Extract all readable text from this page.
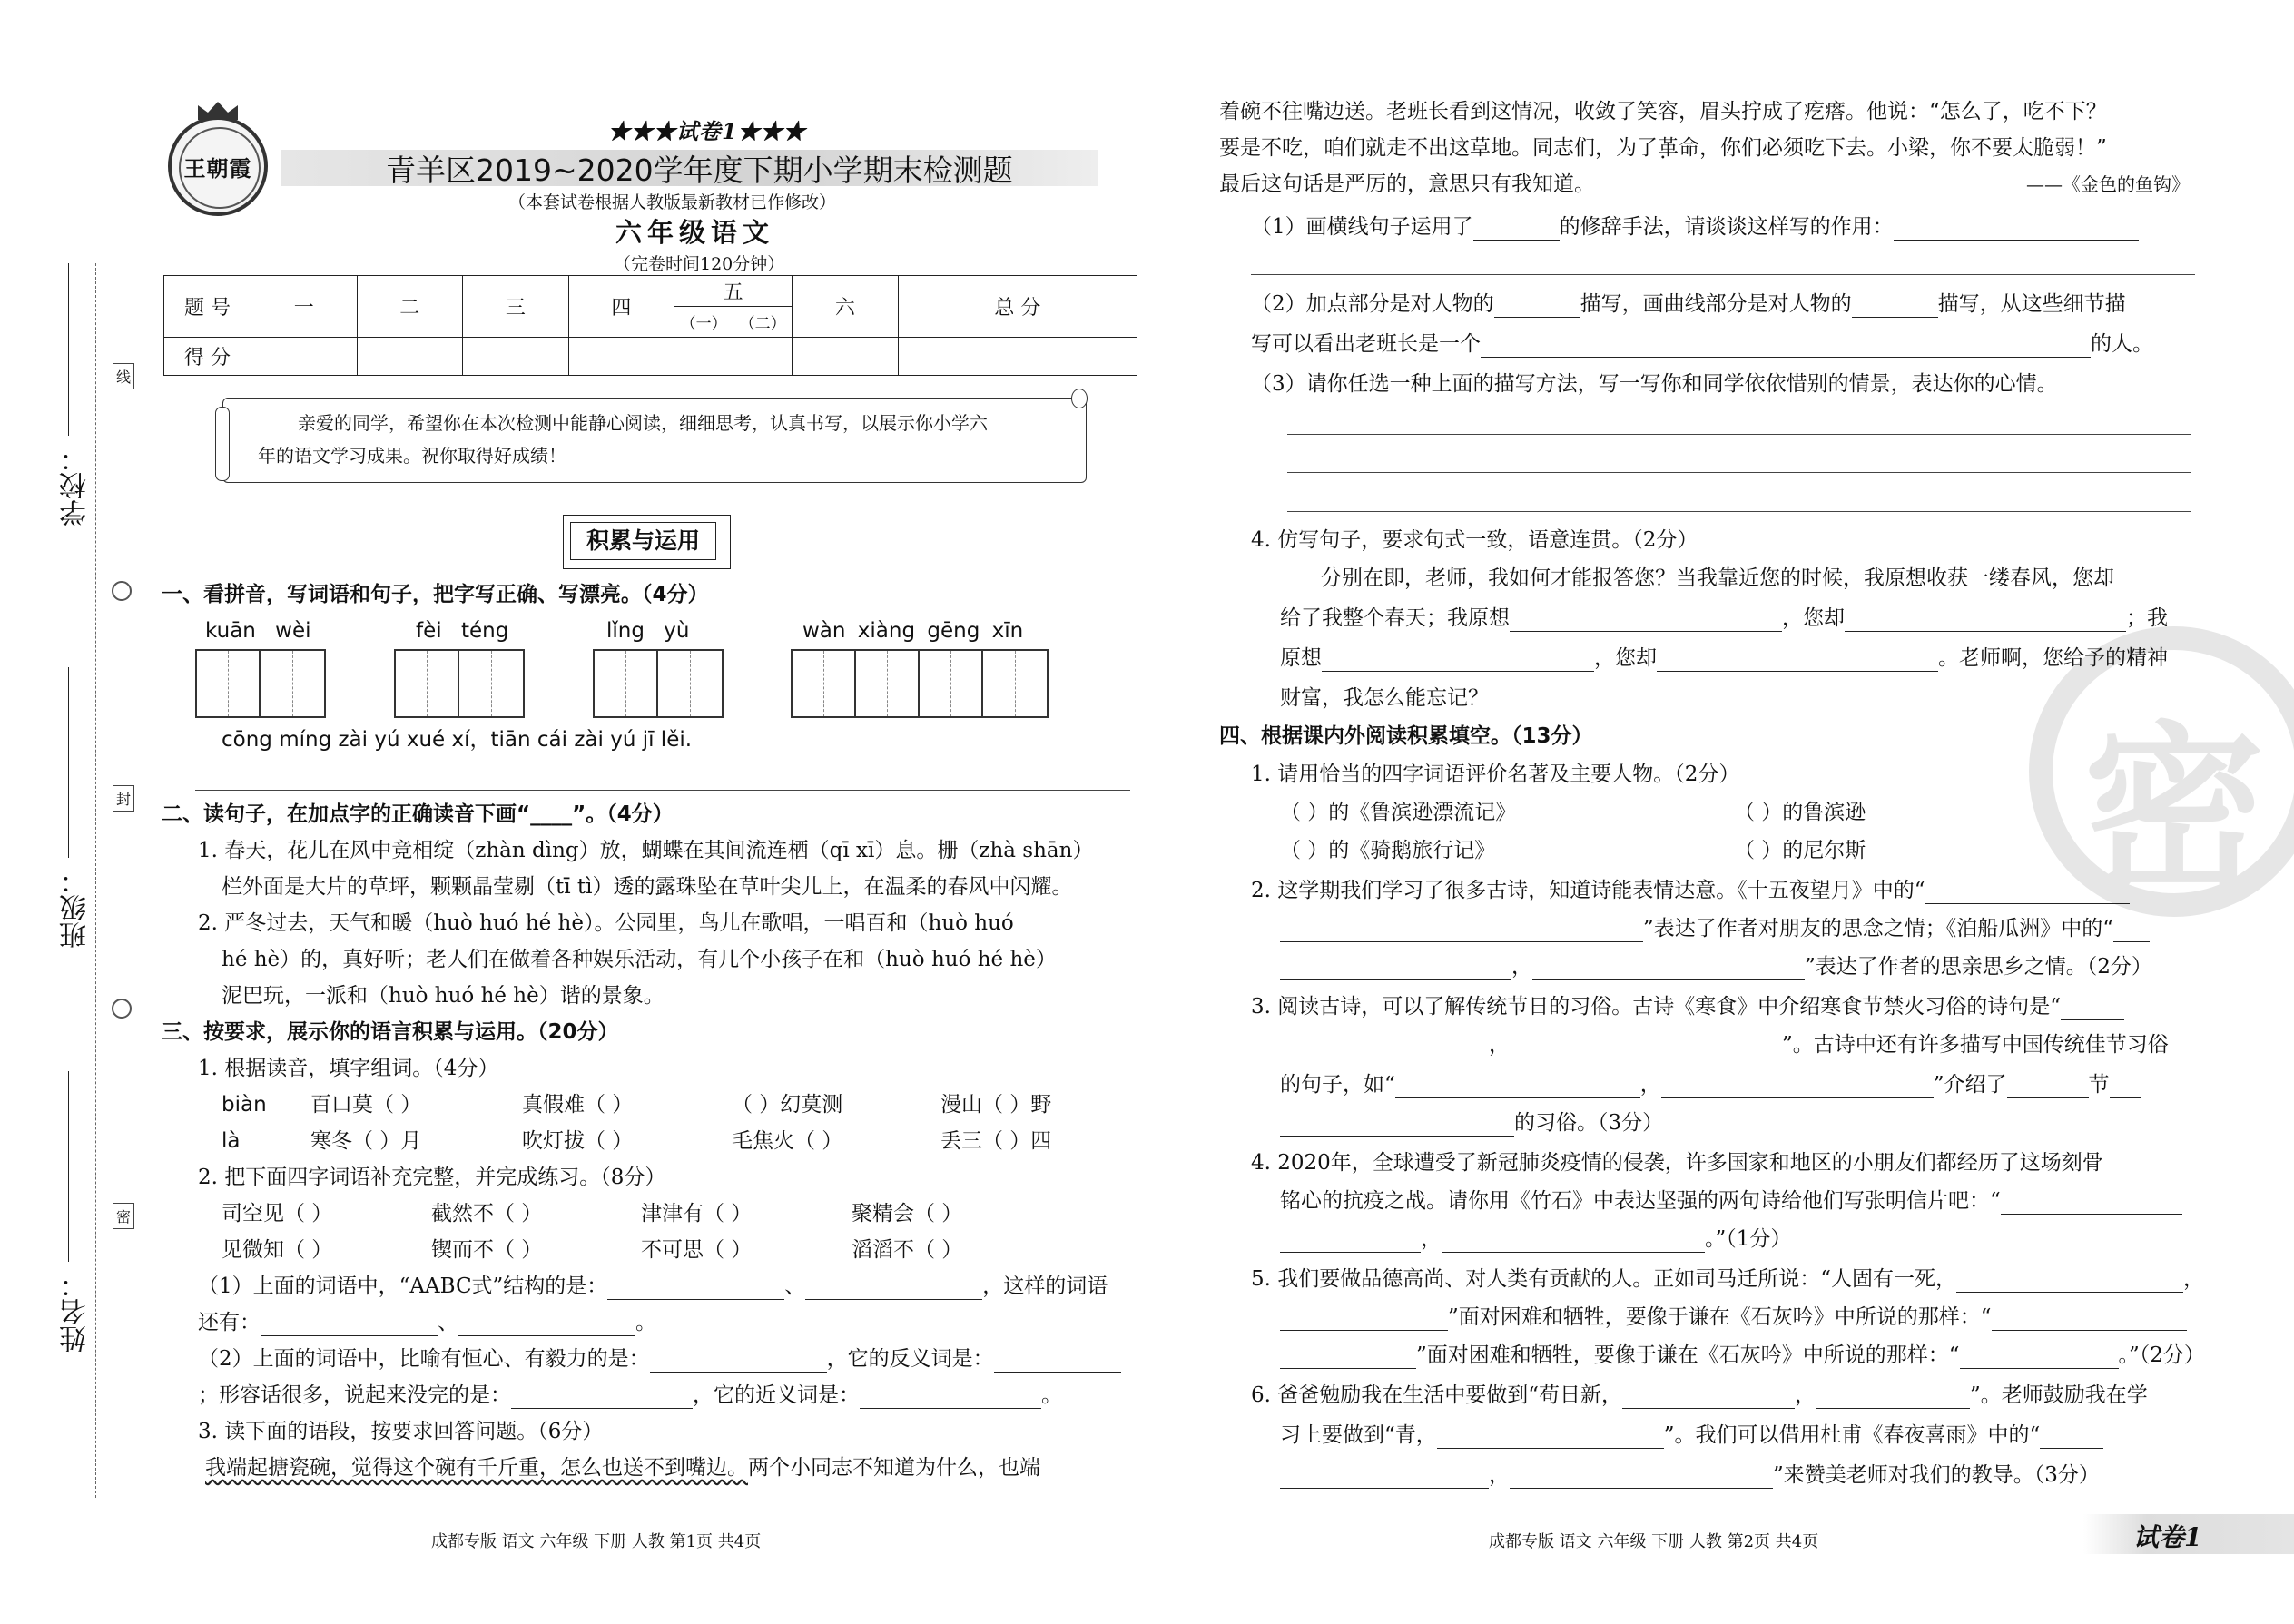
学校：
班级：
姓名：
线
封
密
王朝霞
★★★试卷1★★★
青羊区2019~2020学年度下期小学期末检测题
（本套试卷根据人教版最新教材已作修改）
六年级语文
（完卷时间120分钟）
题 号	一	二	三	四	五		六	总 分
					（一）	（二）		
得 分								
亲爱的同学，希望你在本次检测中能静心阅读，细细思考，认真书写，以展示你小学六
年的语文学习成果。祝你取得好成绩！
积累与运用
一、看拼音，写词语和句子，把字写正确、写漂亮。（4分）
kuān wèi	fèi téng	lǐng yù	wàn xiàng gēng xīn
cōng míng zài yú xué xí，tiān cái zài yú jī lěi.
二、读句子，在加点字的正确读音下画“____”。（4分）
1. 春天，花儿在风中竞相绽（zhàn dìng）放，蝴蝶在其间流连栖（qī xī）息。栅（zhà shān）
栏外面是大片的草坪，颗颗晶莹剔（tī tì）透的露珠坠在草叶尖儿上，在温柔的春风中闪耀。
2. 严冬过去，天气和暖（huò huó hé hè）。公园里，鸟儿在歌唱，一唱百和（huò huó
hé hè）的，真好听；老人们在做着各种娱乐活动，有几个小孩子在和（huò huó hé hè）
泥巴玩，一派和（huò huó hé hè）谐的景象。
三、按要求，展示你的语言积累与运用。（20分）
1. 根据读音，填字组词。（4分）
biàn 百口莫（ ）	真假难（ ）	（ ）幻莫测	漫山（ ）野
là	寒冬（ ）月	吹灯拔（ ）	毛焦火（ ）	丢三（ ）四
2. 把下面四字词语补充完整，并完成练习。（8分）
司空见（ ）	截然不（ ）	津津有（ ）	聚精会（ ）
见微知（ ）	锲而不（ ）	不可思（ ）	滔滔不（ ）
（1）上面的词语中，“AABC式”结构的是：	、	，这样的词语
还有：	、	。
（2）上面的词语中，比喻有恒心、有毅力的是：	，它的反义词是：
；形容话很多，说起来没完的是：	，它的近义词是：	。
3. 读下面的语段，按要求回答问题。（6分）
我端起搪瓷碗，觉得这个碗有千斤重，怎么也送不到嘴边。两个小同志不知道为什么，也端
成都专版 语文 六年级 下册 人教 第1页 共4页
密
着碗不往嘴边送。老班长看到这情况，收敛了笑容，眉头拧成了疙瘩。他说：“怎么了，吃不下？
要是不吃，咱们就走不出这草地。同志们，为了革命，你们必须吃下去。小梁，你不要太脆弱！” •
最后这句话是严厉的，意思只有我知道。	——《金色的鱼钩》
（1）画横线句子运用了	的修辞手法，请谈谈这样写的作用：
（2）加点部分是对人物的	描写，画曲线部分是对人物的	描写，从这些细节描
写可以看出老班长是一个	的人。
（3）请你任选一种上面的描写方法，写一写你和同学依依惜别的情景，表达你的心情。
4. 仿写句子，要求句式一致，语意连贯。（2分）
分别在即，老师，我如何才能报答您？当我靠近您的时候，我原想收获一缕春风，您却
给了我整个春天；我原想	，您却	；我
原想	，您却	。老师啊，您给予的精神
财富，我怎么能忘记？
四、根据课内外阅读积累填空。（13分）
1. 请用恰当的四字词语评价名著及主要人物。（2分）
（ ）的《鲁滨逊漂流记》	（ ）的鲁滨逊
（ ）的《骑鹅旅行记》	（ ）的尼尔斯
2. 这学期我们学习了很多古诗，知道诗能表情达意。《十五夜望月》中的“
”表达了作者对朋友的思念之情；《泊船瓜洲》中的“
，	”表达了作者的思亲思乡之情。（2分）
3. 阅读古诗，可以了解传统节日的习俗。古诗《寒食》中介绍寒食节禁火习俗的诗句是“
，	”。古诗中还有许多描写中国传统佳节习俗
的句子，如“	，	”介绍了	节
的习俗。（3分）
4. 2020年，全球遭受了新冠肺炎疫情的侵袭，许多国家和地区的小朋友们都经历了这场刻骨
铭心的抗疫之战。请你用《竹石》中表达坚强的两句诗给他们写张明信片吧：“
，	。”（1分）
5. 我们要做品德高尚、对人类有贡献的人。正如司马迁所说：“人固有一死，	，
”面对困难和牺牲，要像于谦在《石灰吟》中所说的那样：“
”面对困难和牺牲，要像于谦在《石灰吟》中所说的那样：“	。”（2分）
6. 爸爸勉励我在生活中要做到“苟日新，	，	”。老师鼓励我在学
习上要做到“青，	”。我们可以借用杜甫《春夜喜雨》中的“
，	”来赞美老师对我们的教导。（3分）
成都专版 语文 六年级 下册 人教 第2页 共4页	试卷1
